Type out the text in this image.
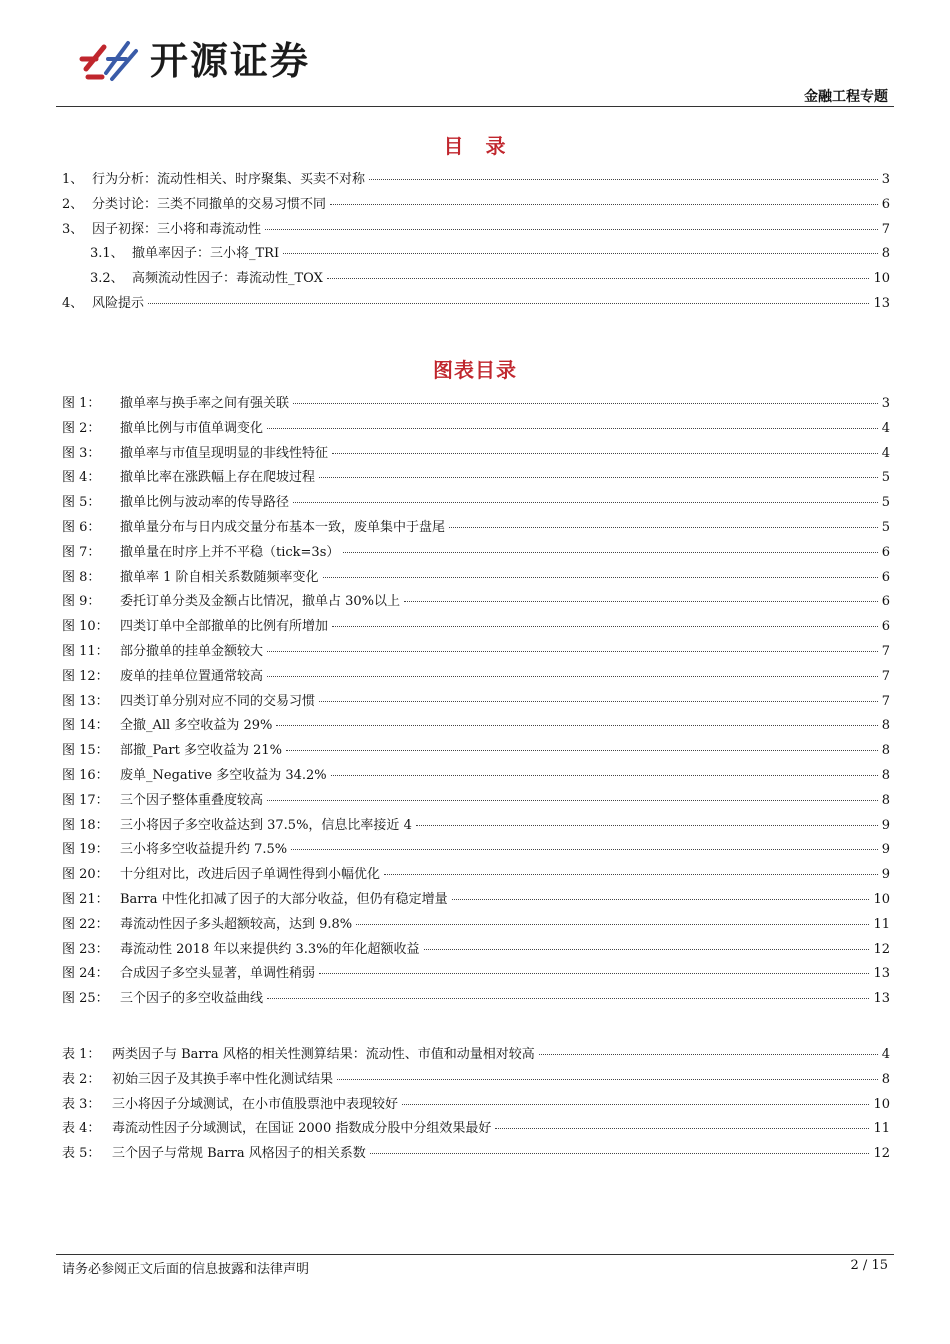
开源证券
金融工程专题
目　录
1、 行为分析：流动性相关、时序聚集、买卖不对称	3
2、 分类讨论：三类不同撤单的交易习惯不同	6
3、 因子初探：三小将和毒流动性	7
3.1、 撤单率因子：三小将_TRI	8
3.2、 高频流动性因子：毒流动性_TOX	10
4、 风险提示	13
图表目录
图 1： 撤单率与换手率之间有强关联	3
图 2： 撤单比例与市值单调变化	4
图 3： 撤单率与市值呈现明显的非线性特征	4
图 4： 撤单比率在涨跌幅上存在爬坡过程	5
图 5： 撤单比例与波动率的传导路径	5
图 6： 撤单量分布与日内成交量分布基本一致，废单集中于盘尾	5
图 7： 撤单量在时序上并不平稳（tick=3s）	6
图 8： 撤单率 1 阶自相关系数随频率变化	6
图 9： 委托订单分类及金额占比情况，撤单占 30%以上	6
图 10： 四类订单中全部撤单的比例有所增加	6
图 11： 部分撤单的挂单金额较大	7
图 12： 废单的挂单位置通常较高	7
图 13： 四类订单分别对应不同的交易习惯	7
图 14： 全撤_All 多空收益为 29%	8
图 15： 部撤_Part 多空收益为 21%	8
图 16： 废单_Negative 多空收益为 34.2%	8
图 17： 三个因子整体重叠度较高	8
图 18： 三小将因子多空收益达到 37.5%，信息比率接近 4	9
图 19： 三小将多空收益提升约 7.5%	9
图 20： 十分组对比，改进后因子单调性得到小幅优化	9
图 21： Barra 中性化扣减了因子的大部分收益，但仍有稳定增量	10
图 22： 毒流动性因子多头超额较高，达到 9.8%	11
图 23： 毒流动性 2018 年以来提供约 3.3%的年化超额收益	12
图 24： 合成因子多空头显著，单调性稍弱	13
图 25： 三个因子的多空收益曲线	13
表 1： 两类因子与 Barra 风格的相关性测算结果：流动性、市值和动量相对较高	4
表 2： 初始三因子及其换手率中性化测试结果	8
表 3： 三小将因子分域测试，在小市值股票池中表现较好	10
表 4： 毒流动性因子分域测试，在国证 2000 指数成分股中分组效果最好	11
表 5： 三个因子与常规 Barra 风格因子的相关系数	12
请务必参阅正文后面的信息披露和法律声明	2 / 15
